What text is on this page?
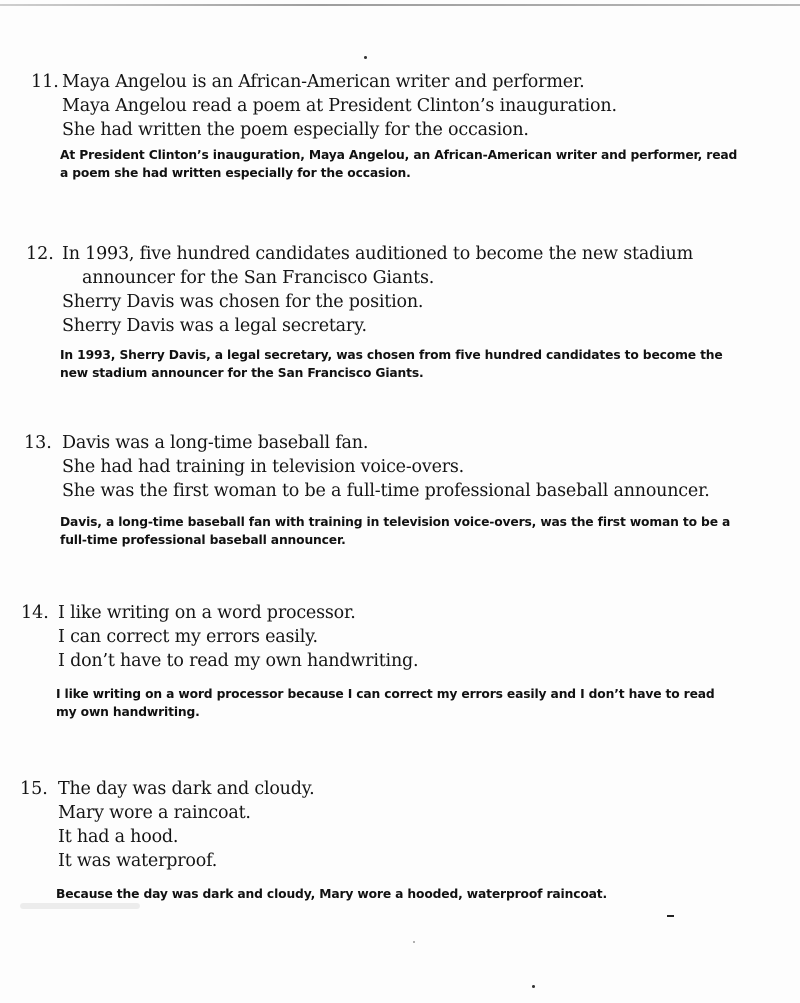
11. Maya Angelou is an African-American writer and performer.
Maya Angelou read a poem at President Clinton’s inauguration.
She had written the poem especially for the occasion.

At President Clinton’s inauguration, Maya Angelou, an African-American writer and performer, read a poem she had written especially for the occasion.

12. In 1993, five hundred candidates auditioned to become the new stadium
announcer for the San Francisco Giants.
Sherry Davis was chosen for the position.
Sherry Davis was a legal secretary.

In 1993, Sherry Davis, a legal secretary, was chosen from five hundred candidates to become the new stadium announcer for the San Francisco Giants.

13. Davis was a long-time baseball fan.
She had had training in television voice-overs.
She was the first woman to be a full-time professional baseball announcer.

Davis, a long-time baseball fan with training in television voice-overs, was the first woman to be a full-time professional baseball announcer.

14. I like writing on a word processor.
I can correct my errors easily.
I don’t have to read my own handwriting.

I like writing on a word processor because I can correct my errors easily and I don’t have to read my own handwriting.

15. The day was dark and cloudy.
Mary wore a raincoat.
It had a hood.
It was waterproof.

Because the day was dark and cloudy, Mary wore a hooded, waterproof raincoat.
